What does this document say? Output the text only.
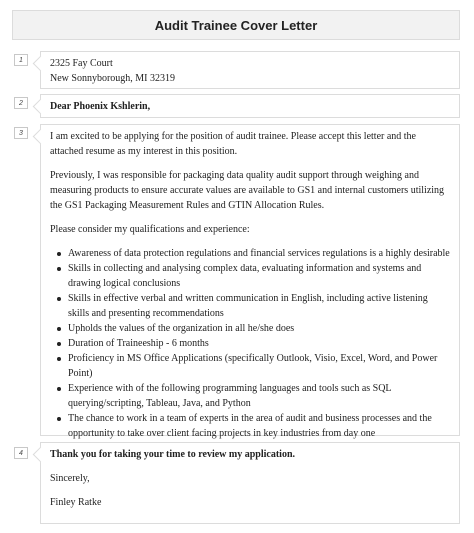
Audit Trainee Cover Letter
1	2325 Fay Court

New Sonnyborough, MI 32319

2	Dear Phoenix Kshlerin,

3	I am excited to be applying for the position of audit trainee. Please accept this letter and the attached resume as my interest in this position.

Previously, I was responsible for packaging data quality audit support through weighing and measuring products to ensure accurate values are available to GS1 and internal customers utilizing the GS1 Packaging Measurement Rules and GTIN Allocation Rules.

Please consider my qualifications and experience:

Awareness of data protection regulations and financial services regulations is a highly desirable
Skills in collecting and analysing complex data, evaluating information and systems and drawing logical conclusions
Skills in effective verbal and written communication in English, including active listening skills and presenting recommendations
Upholds the values of the organization in all he/she does
Duration of Traineeship - 6 months
Proficiency in MS Office Applications (specifically Outlook, Visio, Excel, Word, and Power Point)
Experience with of the following programming languages and tools such as SQL querying/scripting, Tableau, Java, and Python
The chance to work in a team of experts in the area of audit and business processes and the opportunity to take over client facing projects in key industries from day one
4	Thank you for taking your time to review my application.

Sincerely,

Finley Ratke
